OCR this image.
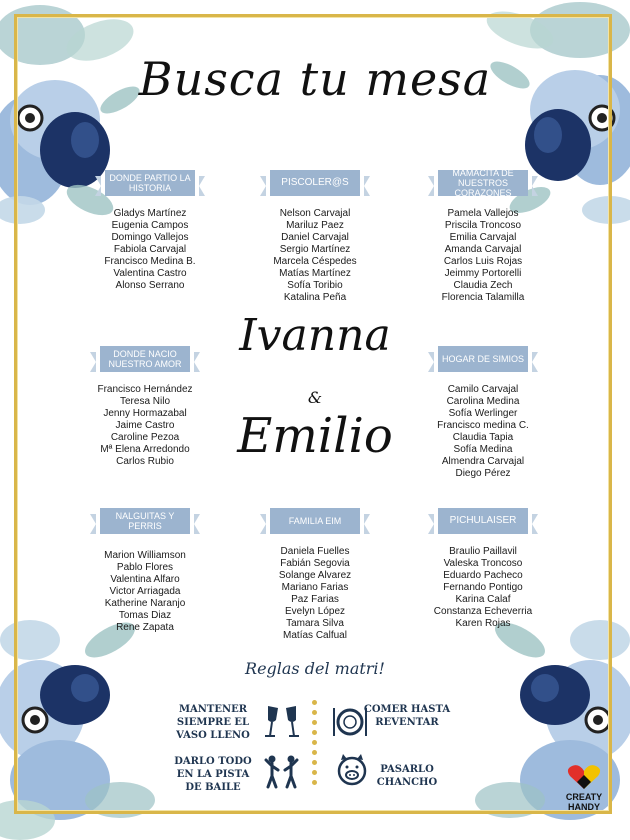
Busca tu mesa
DONDE PARTIO LA HISTORIA
Gladys Martínez
Eugenia Campos
Domingo Vallejos
Fabiola Carvajal
Francisco Medina B.
Valentina Castro
Alonso Serrano
PISCOLER@S
Nelson Carvajal
Mariluz Paez
Daniel Carvajal
Sergio Martínez
Marcela Céspedes
Matías Martínez
Sofía Toribio
Katalina Peña
MAMACITA DE NUESTROS CORAZONES
Pamela Vallejos
Priscila Troncoso
Emilia Carvajal
Amanda Carvajal
Carlos Luis Rojas
Jeimmy Portorelli
Claudia Zech
Florencia Talamilla
DONDE NACIO NUESTRO AMOR
Francisco Hernández
Teresa Nilo
Jenny Hormazabal
Jaime Castro
Caroline Pezoa
Mª Elena Arredondo
Carlos Rubio
HOGAR DE SIMIOS
Camilo Carvajal
Carolina Medina
Sofía Werlinger
Francisco medina C.
Claudia Tapia
Sofía Medina
Almendra Carvajal
Diego Pérez
NALGUITAS Y PERRIS
Marion Williamson
Pablo Flores
Valentina Alfaro
Victor Arriagada
Katherine Naranjo
Tomas Diaz
Rene Zapata
FAMILIA EIM
Daniela Fuelles
Fabián Segovia
Solange Alvarez
Mariano Farias
Paz Farias
Evelyn López
Tamara Silva
Matías Calfual
PICHULAISER
Braulio Paillavil
Valeska Troncoso
Eduardo Pacheco
Fernando Pontigo
Karina Calaf
Constanza Echeverria
Karen Rojas
Ivanna
&
Emilio
Reglas del matri!
MANTENER SIEMPRE EL VASO LLENO
COMER HASTA REVENTAR
DARLO TODO EN LA PISTA DE BAILE
PASARLO CHANCHO
CREATY
HANDY
